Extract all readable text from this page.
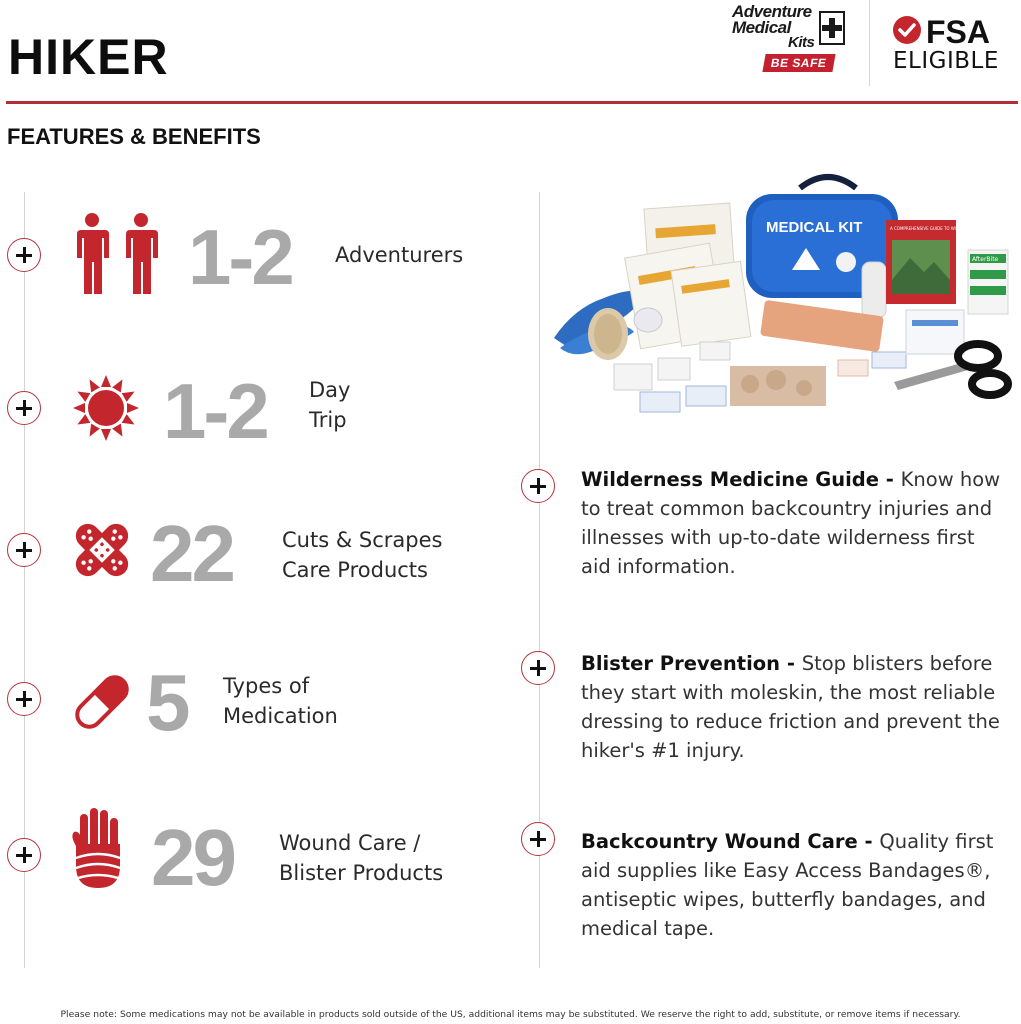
HIKER
Adventure
Medical
Kits
BE SAFE
FSA
ELIGIBLE
FEATURES & BENEFITS
1-2 Adventurers
1-2 Day
Trip
22 Cuts & Scrapes
Care Products
5 Types of
Medication
29 Wound Care /
Blister Products
MEDICAL KIT	A COMPREHENSIVE GUIDE TO WILDERNESS MEDICINE
AfterBite
Wilderness Medicine Guide - Know how to treat common backcountry injuries and illnesses with up-to-date wilderness first aid information.
Blister Prevention - Stop blisters before they start with moleskin, the most reliable dressing to reduce friction and prevent the hiker's #1 injury.
Backcountry Wound Care - Quality first aid supplies like Easy Access Bandages®, antiseptic wipes, butterfly bandages, and medical tape.
Please note: Some medications may not be available in products sold outside of the US, additional items may be substituted. We reserve the right to add, substitute, or remove items if necessary.
